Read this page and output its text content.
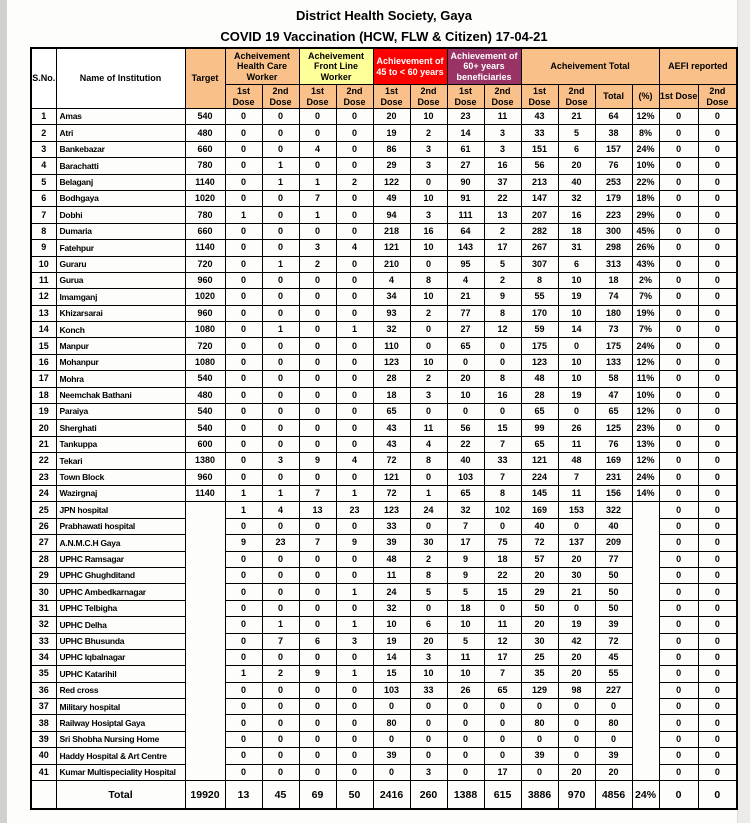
District Health Society, Gaya
COVID 19 Vaccination (HCW, FLW & Citizen) 17-04-21
S.No.	Name of Institution	Target	Acheivement Health Care Worker		Acheivement Front Line Worker		Achievement of 45 to < 60 years		Achievement of 60+ years beneficiaries		Acheivement Total				AEFI reported	
			1st Dose	2nd Dose	1st Dose	2nd Dose	1st Dose	2nd Dose	1st Dose	2nd Dose	1st Dose	2nd Dose	Total	(%)	1st Dose	2nd Dose
1	Amas	540	0	0	0	0	20	10	23	11	43	21	64	12%	0	0
2	Atri	480	0	0	0	0	19	2	14	3	33	5	38	8%	0	0
3	Bankebazar	660	0	0	4	0	86	3	61	3	151	6	157	24%	0	0
4	Barachatti	780	0	1	0	0	29	3	27	16	56	20	76	10%	0	0
5	Belaganj	1140	0	1	1	2	122	0	90	37	213	40	253	22%	0	0
6	Bodhgaya	1020	0	0	7	0	49	10	91	22	147	32	179	18%	0	0
7	Dobhi	780	1	0	1	0	94	3	111	13	207	16	223	29%	0	0
8	Dumaria	660	0	0	0	0	218	16	64	2	282	18	300	45%	0	0
9	Fatehpur	1140	0	0	3	4	121	10	143	17	267	31	298	26%	0	0
10	Guraru	720	0	1	2	0	210	0	95	5	307	6	313	43%	0	0
11	Gurua	960	0	0	0	0	4	8	4	2	8	10	18	2%	0	0
12	Imamganj	1020	0	0	0	0	34	10	21	9	55	19	74	7%	0	0
13	Khizarsarai	960	0	0	0	0	93	2	77	8	170	10	180	19%	0	0
14	Konch	1080	0	1	0	1	32	0	27	12	59	14	73	7%	0	0
15	Manpur	720	0	0	0	0	110	0	65	0	175	0	175	24%	0	0
16	Mohanpur	1080	0	0	0	0	123	10	0	0	123	10	133	12%	0	0
17	Mohra	540	0	0	0	0	28	2	20	8	48	10	58	11%	0	0
18	Neemchak Bathani	480	0	0	0	0	18	3	10	16	28	19	47	10%	0	0
19	Paraiya	540	0	0	0	0	65	0	0	0	65	0	65	12%	0	0
20	Sherghati	540	0	0	0	0	43	11	56	15	99	26	125	23%	0	0
21	Tankuppa	600	0	0	0	0	43	4	22	7	65	11	76	13%	0	0
22	Tekari	1380	0	3	9	4	72	8	40	33	121	48	169	12%	0	0
23	Town Block	960	0	0	0	0	121	0	103	7	224	7	231	24%	0	0
24	Wazirgnaj	1140	1	1	7	1	72	1	65	8	145	11	156	14%	0	0
25	JPN hospital		1	4	13	23	123	24	32	102	169	153	322		0	0
26	Prabhawati hospital		0	0	0	0	33	0	7	0	40	0	40		0	0
27	A.N.M.C.H Gaya		9	23	7	9	39	30	17	75	72	137	209		0	0
28	UPHC Ramsagar		0	0	0	0	48	2	9	18	57	20	77		0	0
29	UPHC Ghughditand		0	0	0	0	11	8	9	22	20	30	50		0	0
30	UPHC Ambedkarnagar		0	0	0	1	24	5	5	15	29	21	50		0	0
31	UPHC Telbigha		0	0	0	0	32	0	18	0	50	0	50		0	0
32	UPHC Delha		0	1	0	1	10	6	10	11	20	19	39		0	0
33	UPHC Bhusunda		0	7	6	3	19	20	5	12	30	42	72		0	0
34	UPHC Iqbalnagar		0	0	0	0	14	3	11	17	25	20	45		0	0
35	UPHC Katarihil		1	2	9	1	15	10	10	7	35	20	55		0	0
36	Red cross		0	0	0	0	103	33	26	65	129	98	227		0	0
37	Military hospital		0	0	0	0	0	0	0	0	0	0	0		0	0
38	Railway Hosiptal Gaya		0	0	0	0	80	0	0	0	80	0	80		0	0
39	Sri Shobha Nursing Home		0	0	0	0	0	0	0	0	0	0	0		0	0
40	Haddy Hospital & Art Centre		0	0	0	0	39	0	0	0	39	0	39		0	0
41	Kumar Multispeciality Hospital		0	0	0	0	0	3	0	17	0	20	20		0	0
	Total	19920	13	45	69	50	2416	260	1388	615	3886	970	4856	24%	0	0
